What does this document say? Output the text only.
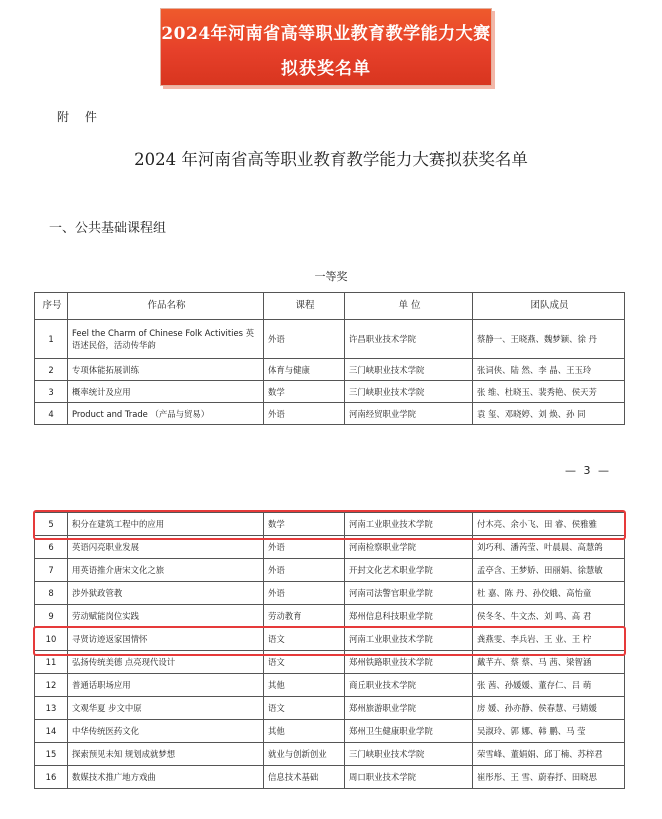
2024年河南省高等职业教育教学能力大赛
拟获奖名单
附 件
2024 年河南省高等职业教育教学能力大赛拟获奖名单
一、公共基础课程组
一等奖
序号	作品名称	课程	单 位	团队成员
1	Feel the Charm of Chinese Folk Activities 英语述民俗，活动传华韵	外语	许昌职业技术学院	蔡静一、王晓燕、魏梦颖、徐 丹
2	专项体能拓展训练	体育与健康	三门峡职业技术学院	张词侠、陆 然、李 晶、王玉玲
3	概率统计及应用	数学	三门峡职业技术学院	张 维、杜晓玉、裴秀艳、侯天芳
4	Product and Trade （产品与贸易）	外语	河南经贸职业学院	袁 玺、邓晓婷、刘 焕、孙 同
— 3 —
5	积分在建筑工程中的应用	数学	河南工业职业技术学院	付木亮、余小飞、田 睿、侯雅雅
6	英语闪亮职业发展	外语	河南检察职业学院	刘巧利、潘芮莹、叶晨晨、高慧鸽
7	用英语推介唐宋文化之旅	外语	开封文化艺术职业学院	孟亭含、王梦娇、田丽娟、徐慧敏
8	涉外狱政管教	外语	河南司法警官职业学院	杜 嘉、陈 丹、孙佼娥、高怡童
9	劳动赋能岗位实践	劳动教育	郑州信息科技职业学院	侯冬冬、牛文杰、刘 鸣、高 君
10	寻贤访迹返家国情怀	语文	河南工业职业技术学院	龚燕雯、李兵岩、王 业、王 柠
11	弘扬传统美德 点亮现代设计	语文	郑州铁路职业技术学院	戴芊卉、蔡 蔡、马 茜、梁智涵
12	普通话职场应用	其他	商丘职业技术学院	张 茜、孙媛媛、董存仁、吕 萌
13	文观华夏 步文中原	语文	郑州旅游职业学院	房 媛、孙亦静、侯春慧、弓婧媛
14	中华传统医药文化	其他	郑州卫生健康职业学院	吴淑玲、郭 娜、韩 鹏、马 莹
15	探索预见未知 规划成就梦想	就业与创新创业	三门峡职业技术学院	荣雪峰、董娟娟、邱丁楠、苏梓君
16	数媒技术推广地方戏曲	信息技术基础	周口职业技术学院	崔彤彤、王 雪、蔚春抒、田晓思
